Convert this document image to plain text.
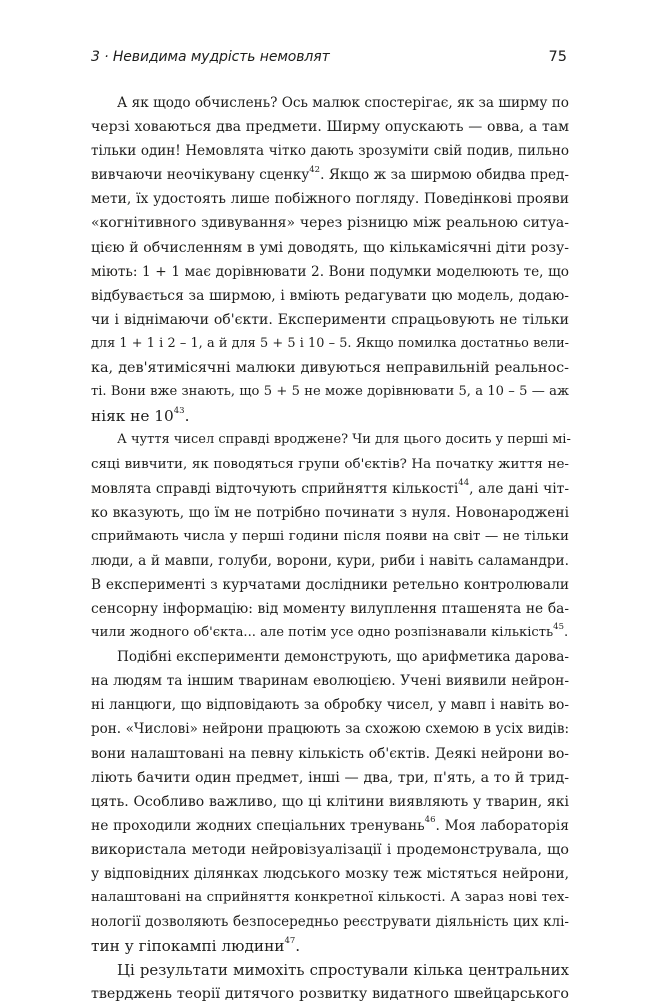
3 · Невидима мудрість немовлят	75

А як щодо обчислень? Ось малюк спостерігає, як за ширму по
черзі ховаються два предмети. Ширму опускають — овва, а там
тільки один! Немовлята чітко дають зрозуміти свій подив, пильно
вивчаючи неочікувану сценку$^{42}$. Якщо ж за ширмою обидва пред-
мети, їх удостоять лише побіжного погляду. Поведінкові прояви
«когнітивного здивування» через різницю між реальною ситуа-
цією й обчисленням в умі доводять, що кількамісячні діти розу-
міють: 1 + 1 має дорівнювати 2. Вони подумки моделюють те, що
відбувається за ширмою, і вміють редагувати цю модель, додаю-
чи і віднімаючи об'єкти. Експерименти спрацьовують не тільки
для 1 + 1 і 2 – 1, а й для 5 + 5 і 10 – 5. Якщо помилка достатньо вели-
ка, дев'ятимісячні малюки дивуються неправильній реальнос-
ті. Вони вже знають, що 5 + 5 не може дорівнювати 5, а 10 – 5 — аж
ніяк не $10^{43}$.

А чуття чисел справді вроджене? Чи для цього досить у перші мі-
сяці вивчити, як поводяться групи об'єктів? На початку життя не-
мовлята справді відточують сприйняття кількості$^{44}$, але дані чіт-
ко вказують, що їм не потрібно починати з нуля. Новонароджені
сприймають числа у перші години після появи на світ — не тільки
люди, а й мавпи, голуби, ворони, кури, риби і навіть саламандри.
В експерименті з курчатами дослідники ретельно контролювали
сенсорну інформацію: від моменту вилуплення пташенята не ба-
чили жодного об'єкта... але потім усе одно розпізнавали кількість$^{45}$.

Подібні експерименти демонструють, що арифметика дарова-
на людям та іншим тваринам еволюцією. Учені виявили нейрон-
ні ланцюги, що відповідають за обробку чисел, у мавп і навіть во-
рон. «Числові» нейрони працюють за схожою схемою в усіх видів:
вони налаштовані на певну кількість об'єктів. Деякі нейрони во-
ліють бачити один предмет, інші — два, три, п'ять, а то й трид-
цять. Особливо важливо, що ці клітини виявляють у тварин, які
не проходили жодних спеціальних тренувань$^{46}$. Моя лабораторія
використала методи нейровізуалізації і продемонструвала, що
у відповідних ділянках людського мозку теж містяться нейрони,
налаштовані на сприйняття конкретної кількості. А зараз нові тех-
нології дозволяють безпосередньо реєструвати діяльність цих клі-
тин у гіпокампі людини$^{47}$.

Ці результати мимохіть спростували кілька центральних
тверджень теорії дитячого розвитку видатного швейцарського
